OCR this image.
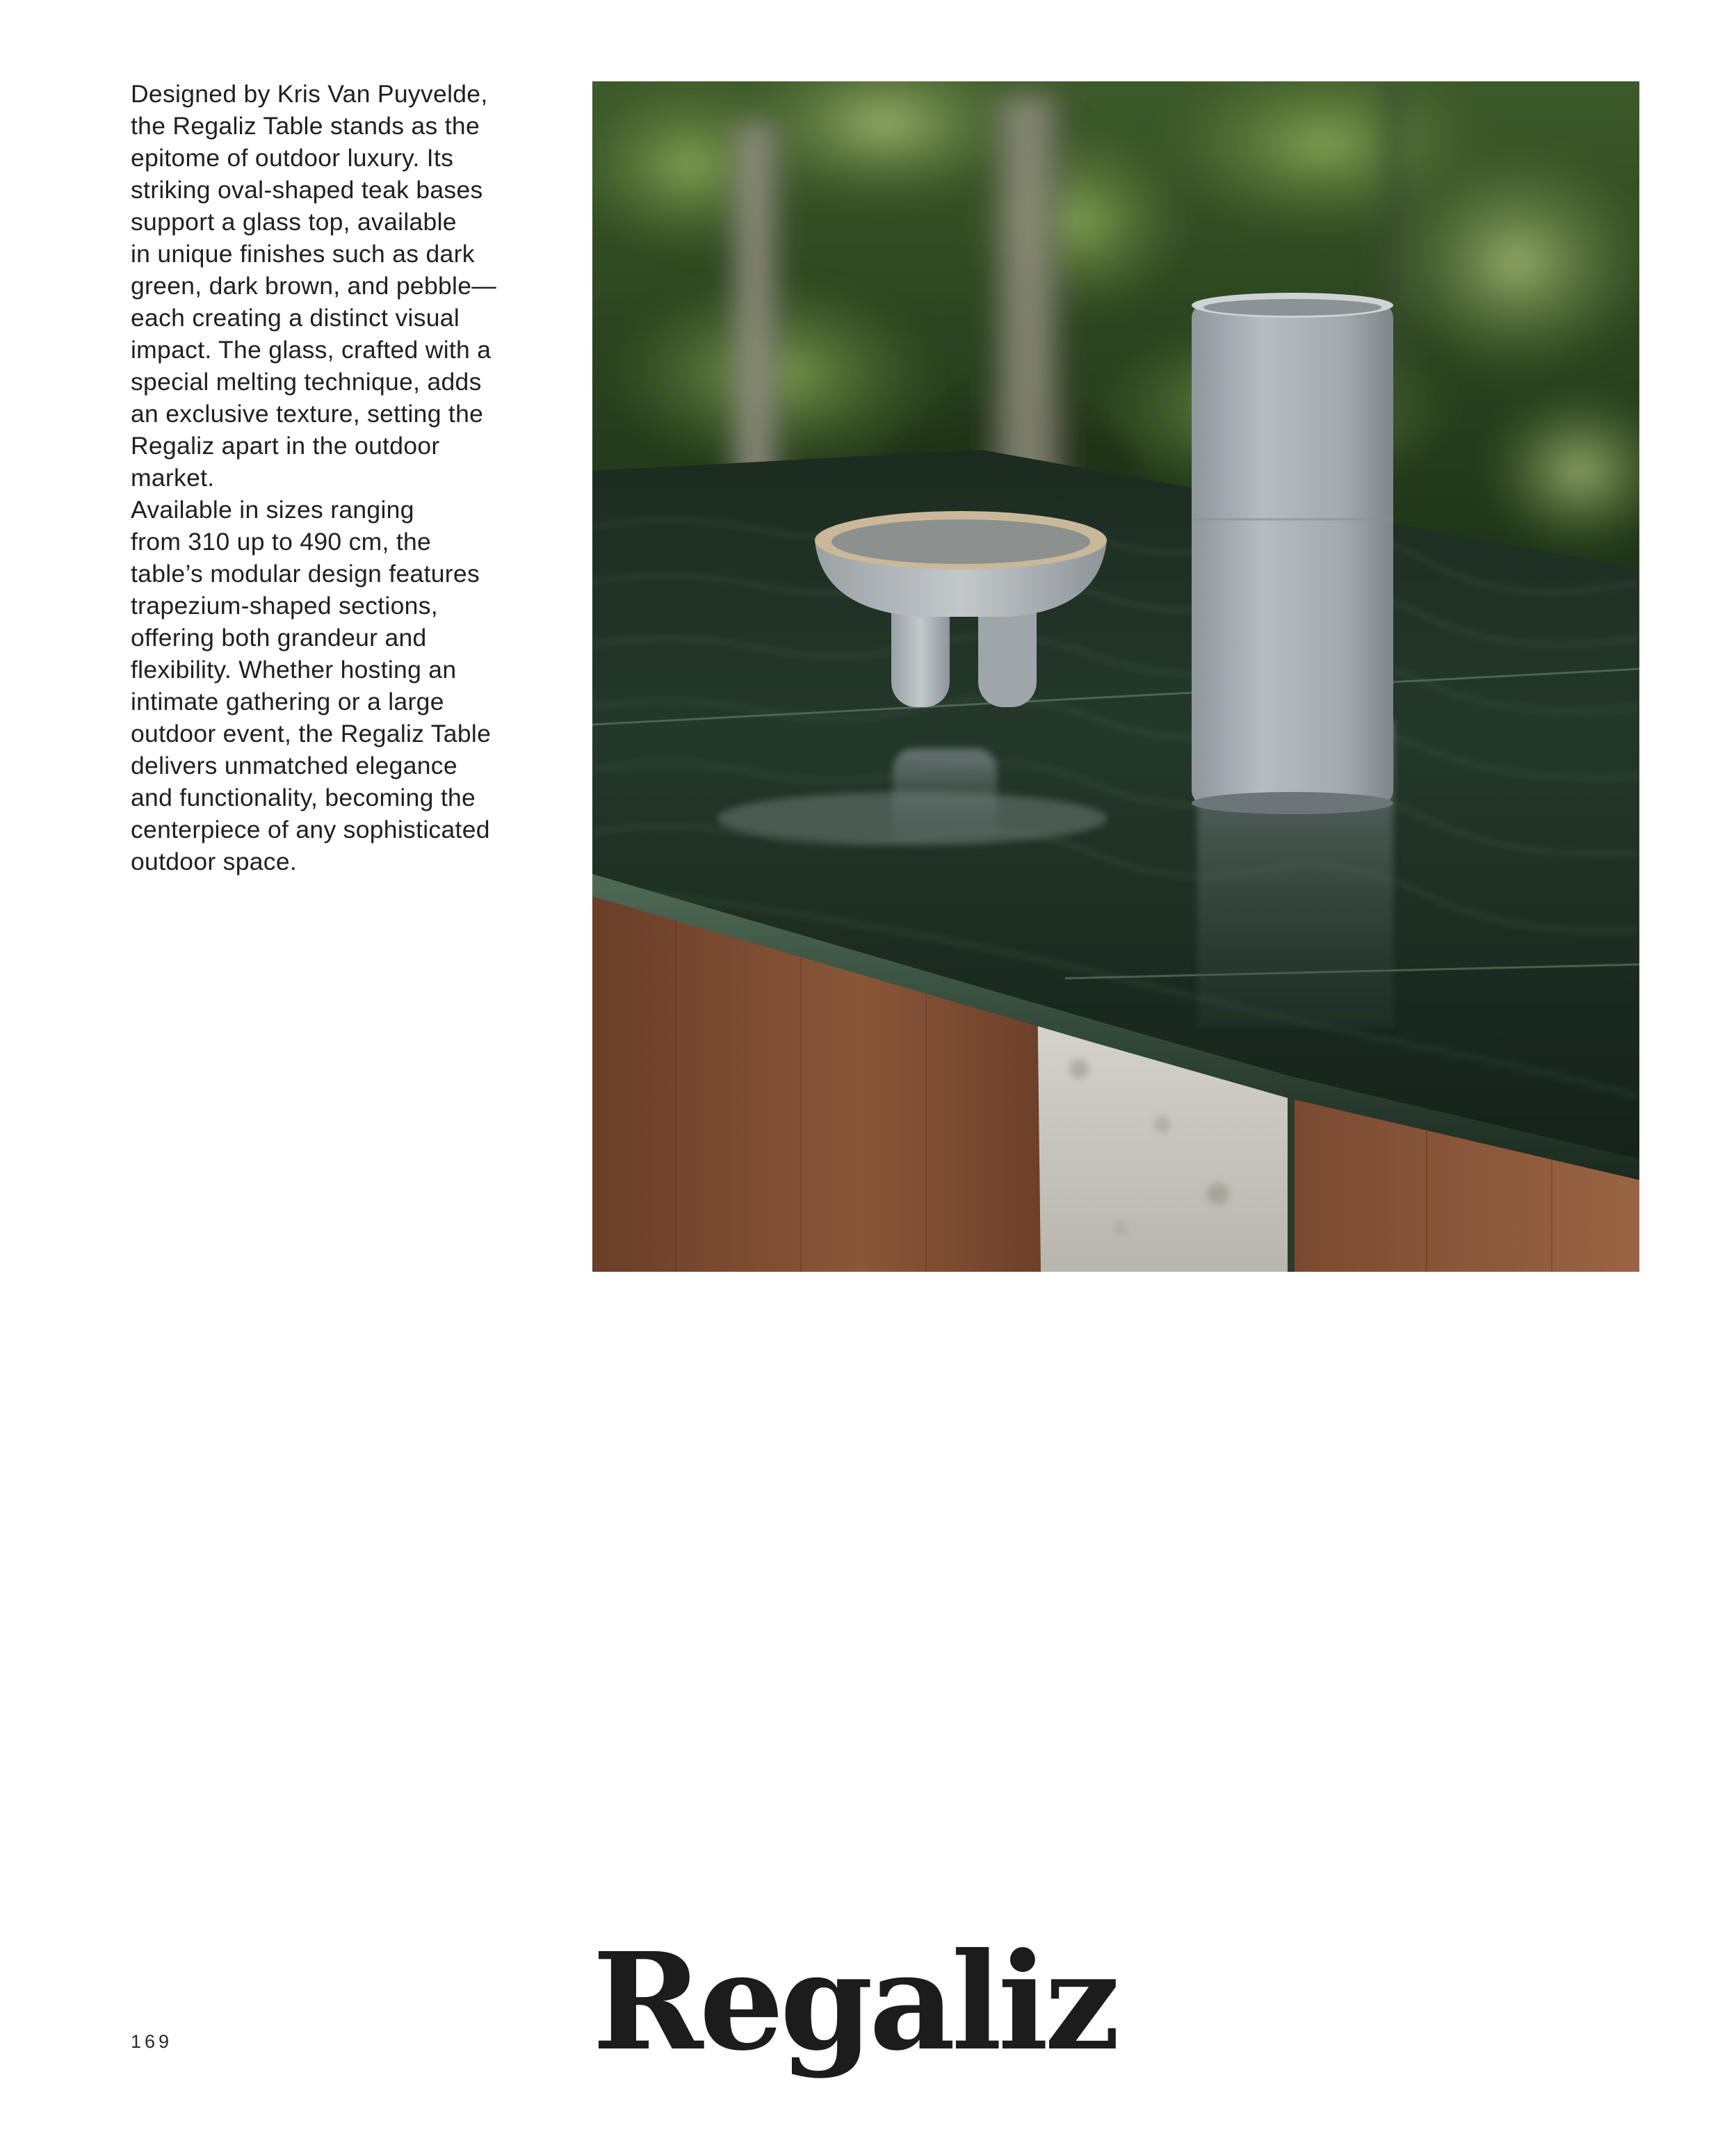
Designed by Kris Van Puyvelde,
the Regaliz Table stands as the
epitome of outdoor luxury. Its
striking oval-shaped teak bases
support a glass top, available
in unique finishes such as dark
green, dark brown, and pebble—
each creating a distinct visual
impact. The glass, crafted with a
special melting technique, adds
an exclusive texture, setting the
Regaliz apart in the outdoor
market.

Available in sizes ranging
from 310 up to 490 cm, the
table’s modular design features
trapezium-shaped sections,
offering both grandeur and
flexibility. Whether hosting an
intimate gathering or a large
outdoor event, the Regaliz Table
delivers unmatched elegance
and functionality, becoming the
centerpiece of any sophisticated
outdoor space.

Regaliz
169
